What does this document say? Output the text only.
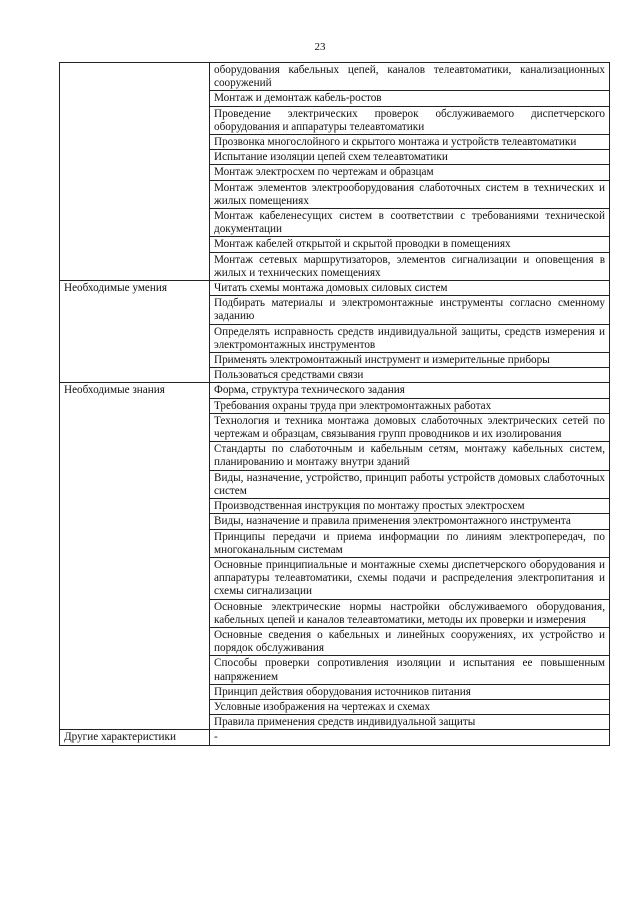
23
	оборудования кабельных цепей, каналов телеавтоматики, канализационных сооружений
	Монтаж и демонтаж кабель-ростов
	Проведение электрических проверок обслуживаемого диспетчерского оборудования и аппаратуры телеавтоматики
	Прозвонка многослойного и скрытого монтажа и устройств телеавтоматики
	Испытание изоляции цепей схем телеавтоматики
	Монтаж электросхем по чертежам и образцам
	Монтаж элементов электрооборудования слаботочных систем в технических и жилых помещениях
	Монтаж кабеленесущих систем в соответствии с требованиями технической документации
	Монтаж кабелей открытой и скрытой проводки в помещениях
	Монтаж сетевых маршрутизаторов, элементов сигнализации и оповещения в жилых и технических помещениях
Необходимые умения	Читать схемы монтажа домовых силовых систем
	Подбирать материалы и электромонтажные инструменты согласно сменному заданию
	Определять исправность средств индивидуальной защиты, средств измерения и электромонтажных инструментов
	Применять электромонтажный инструмент и измерительные приборы
	Пользоваться средствами связи
Необходимые знания	Форма, структура технического задания
	Требования охраны труда при электромонтажных работах
	Технология и техника монтажа домовых слаботочных электрических сетей по чертежам и образцам, связывания групп проводников и их изолирования
	Стандарты по слаботочным и кабельным сетям, монтажу кабельных систем, планированию и монтажу внутри зданий
	Виды, назначение, устройство, принцип работы устройств домовых слаботочных систем
	Производственная инструкция по монтажу простых электросхем
	Виды, назначение и правила применения электромонтажного инструмента
	Принципы передачи и приема информации по линиям электропередач, по многоканальным системам
	Основные принципиальные и монтажные схемы диспетчерского оборудования и аппаратуры телеавтоматики, схемы подачи и распределения электропитания и схемы сигнализации
	Основные электрические нормы настройки обслуживаемого оборудования, кабельных цепей и каналов телеавтоматики, методы их проверки и измерения
	Основные сведения о кабельных и линейных сооружениях, их устройство и порядок обслуживания
	Способы проверки сопротивления изоляции и испытания ее повышенным напряжением
	Принцип действия оборудования источников питания
	Условные изображения на чертежах и схемах
	Правила применения средств индивидуальной защиты
Другие характеристики	-
